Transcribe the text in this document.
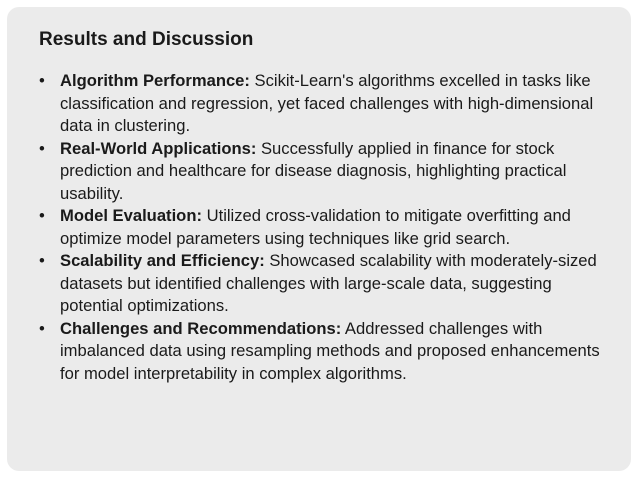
Results and Discussion
• Algorithm Performance: Scikit-Learn's algorithms excelled in tasks like classification and regression, yet faced challenges with high-dimensional data in clustering.
• Real-World Applications: Successfully applied in finance for stock prediction and healthcare for disease diagnosis, highlighting practical usability.
• Model Evaluation: Utilized cross-validation to mitigate overfitting and optimize model parameters using techniques like grid search.
• Scalability and Efficiency: Showcased scalability with moderately-sized datasets but identified challenges with large-scale data, suggesting potential optimizations.
• Challenges and Recommendations: Addressed challenges with imbalanced data using resampling methods and proposed enhancements for model interpretability in complex algorithms.
